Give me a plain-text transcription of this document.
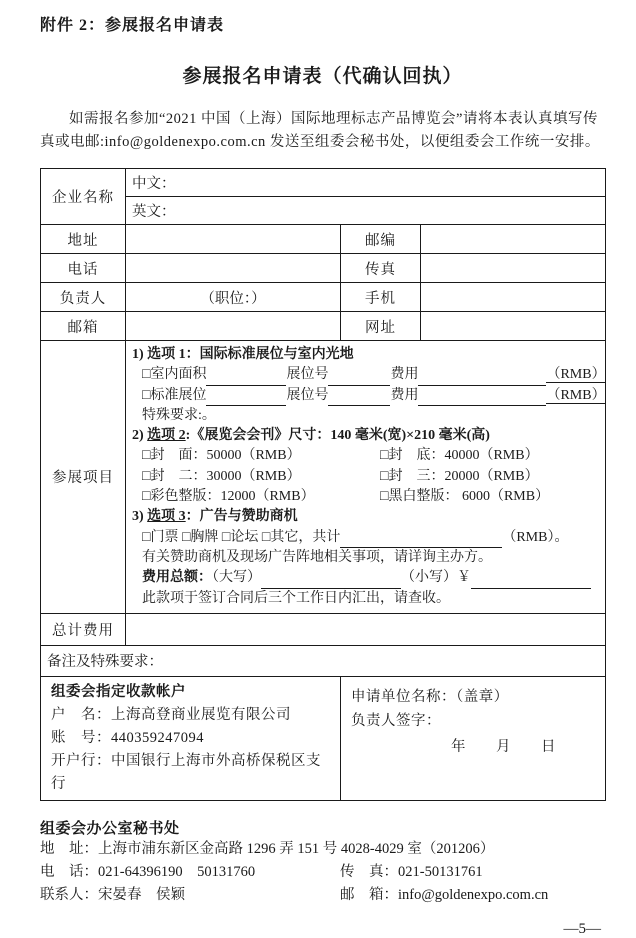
附件 2：参展报名申请表
参展报名申请表（代确认回执）
如需报名参加“2021 中国（上海）国际地理标志产品博览会”请将本表认真填写传真或电邮:info@goldenexpo.com.cn 发送至组委会秘书处，以便组委会工作统一安排。
企业名称	中文：		
	英文：		
地址		邮编	
电话		传真	
负责人	（职位：）	手机	
邮箱		网址	
参展项目	
1) 选项 1：国际标准展位与室内光地
□室内面积	展位号	费用	（RMB）
□标准展位	展位号	费用	（RMB）
特殊要求:。
2) 选项 2:《展览会会刊》尺寸：140 毫米(宽)×210 毫米(高)
□封　面：50000（RMB）	□封　底：40000（RMB）
□封　二：30000（RMB）	□封　三：20000（RMB）
□彩色整版：12000（RMB）	□黑白整版： 6000（RMB）
3) 选项 3：广告与赞助商机
□门票 □胸牌 □论坛 □其它，共计	（RMB）。
有关赞助商机及现场广告阵地相关事项，请详询主办方。
费用总额：（大写）	（小写）￥
此款项于签订合同后三个工作日内汇出，请查收。

总计费用			
备注及特殊要求：			

组委会指定收款帐户
户　名：上海高登商业展览有限公司
账　号：440359247094
开户行：中国银行上海市外高桥保税区支行

申请单位名称：（盖章）
负责人签字：
年　　月　　日
组委会办公室秘书处
地　址：上海市浦东新区金高路 1296 弄 151 号 4028-4029 室（201206）
电　话：021-64396190　50131760	传　真：021-50131761
联系人：宋晏春　侯颖	邮　箱：info@goldenexpo.com.cn
—5—
